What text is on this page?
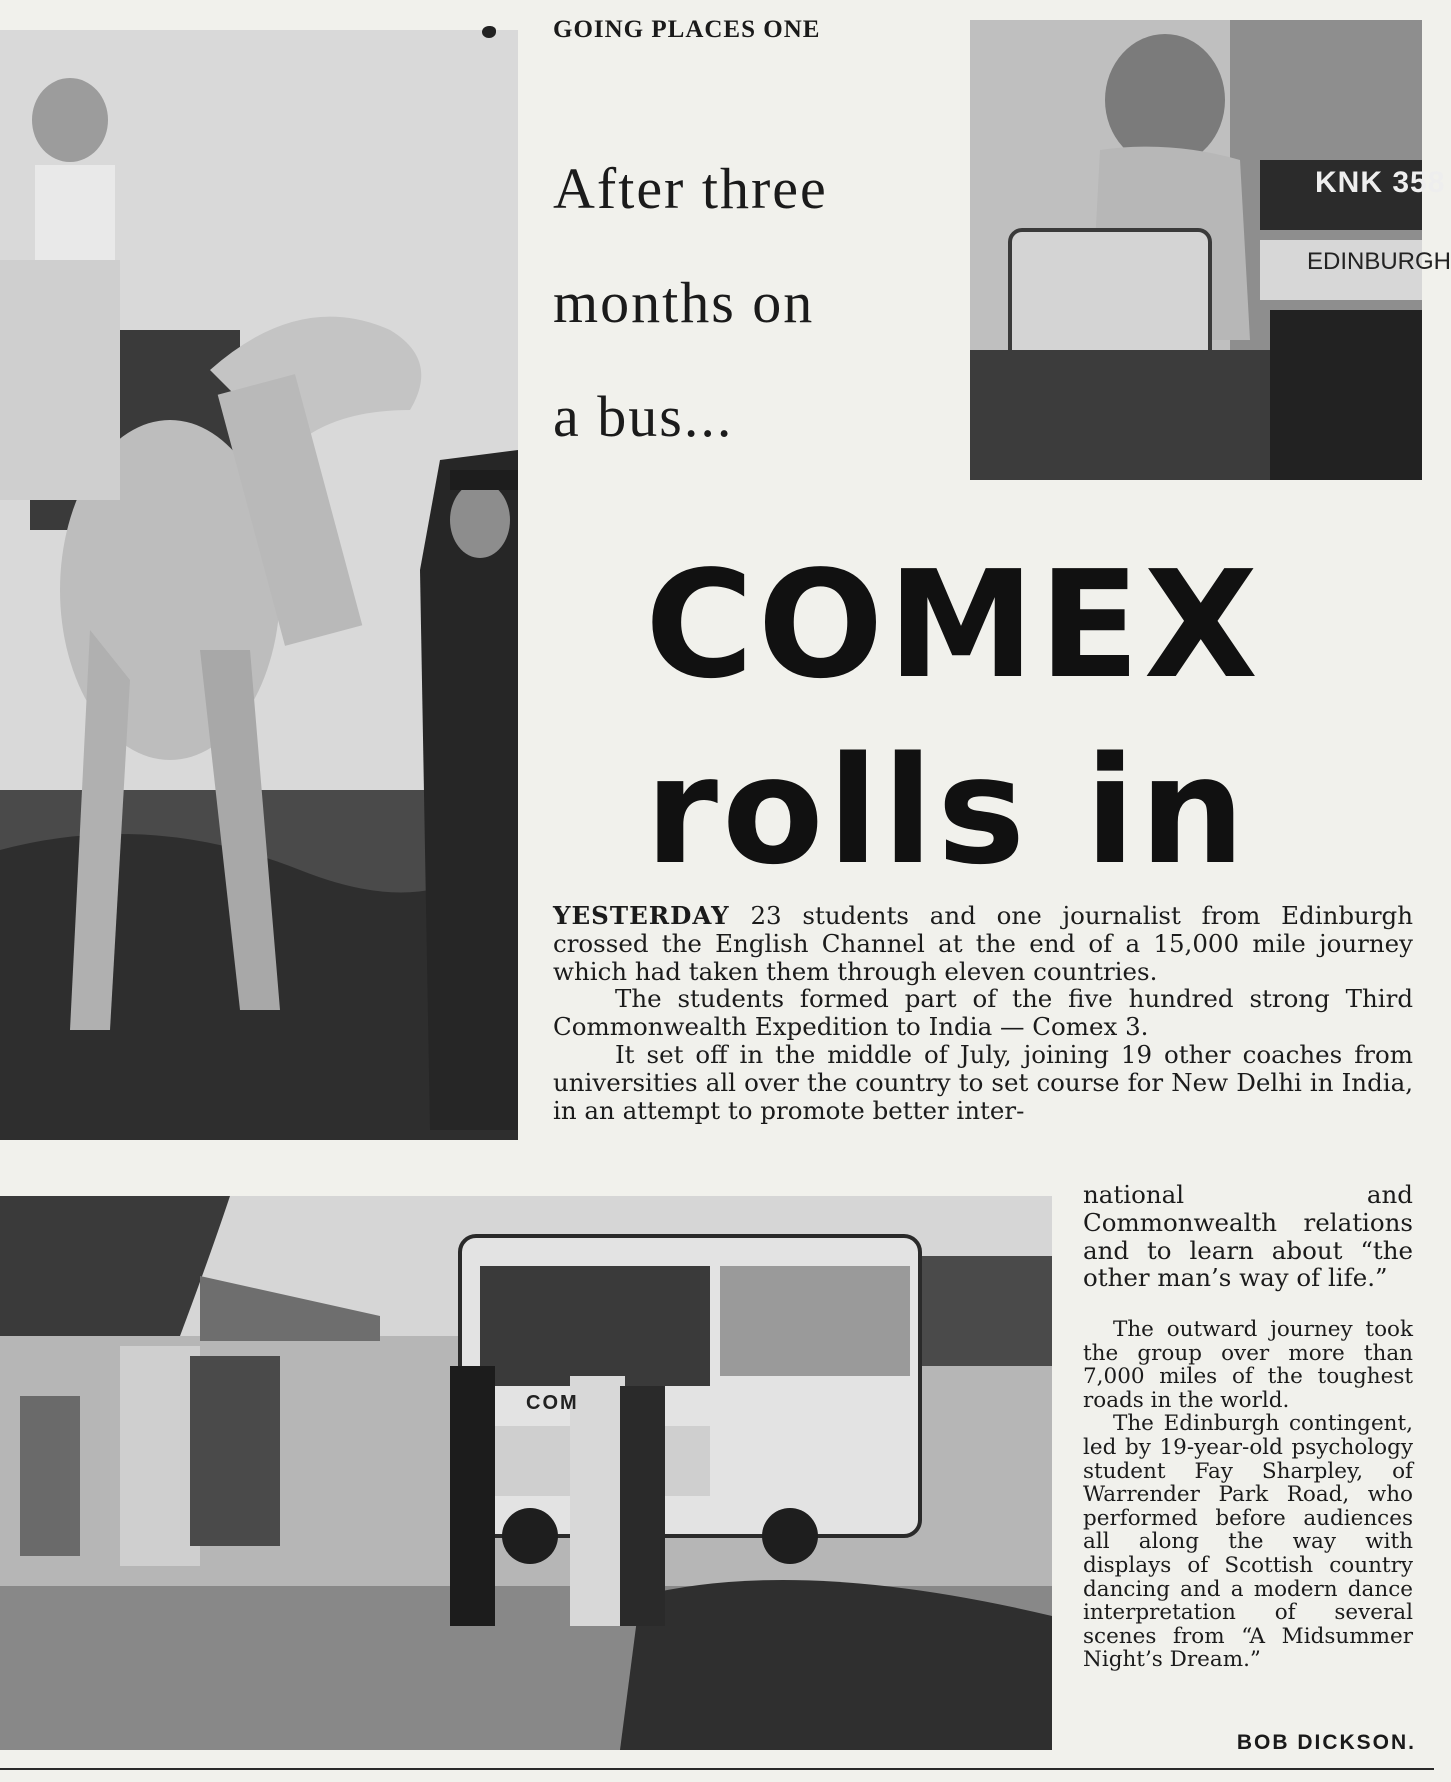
KNK 358
EDINBURGH
COM
GOING PLACES ONE
After three
months on
a bus...
COMEX
rolls in

YESTERDAY 23 students and one journalist from Edinburgh crossed the English Channel at the end of a 15,000 mile journey which had taken them through eleven countries.

The students formed part of the five hundred strong Third Commonwealth Expedition to India — Comex 3.

It set off in the middle of July, joining 19 other coaches from universities all over the country to set course for New Delhi in India, in an attempt to promote better inter-

national and Commonwealth relations and to learn about “the other man’s way of life.”

The outward journey took the group over more than 7,000 miles of the toughest roads in the world.

The Edinburgh contingent, led by 19-year-old psychology student Fay Sharpley, of Warrender Park Road, who performed before audiences all along the way with displays of Scottish country dancing and a modern dance interpretation of several scenes from “A Midsummer Night’s Dream.”

BOB DICKSON.
